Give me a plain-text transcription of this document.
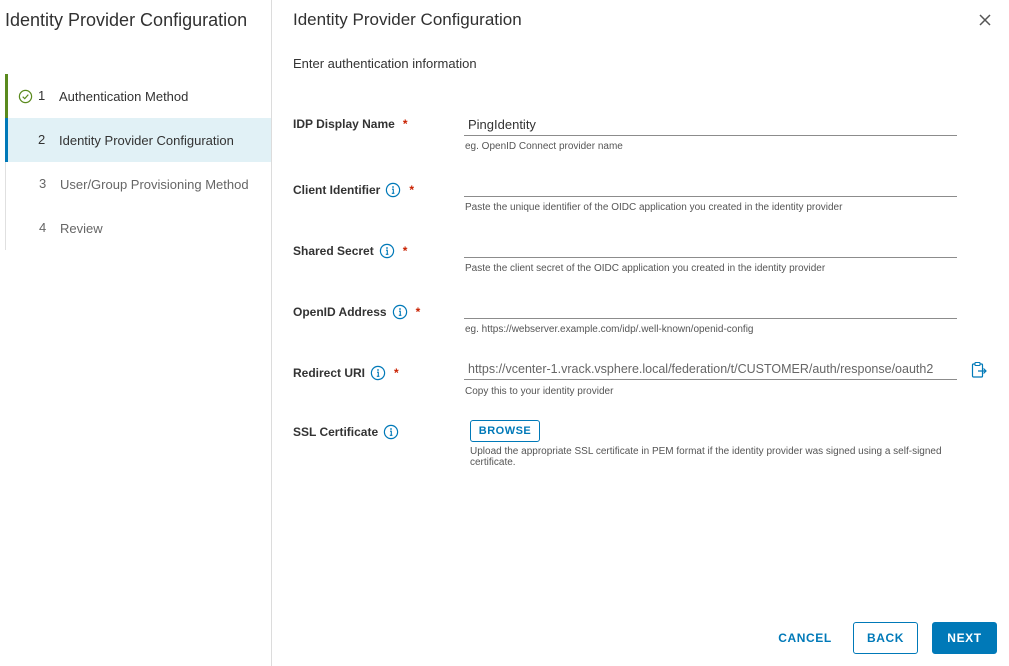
Identity Provider Configuration
1	Authentication Method
2	Identity Provider Configuration
3	User/Group Provisioning Method
4	Review
Identity Provider Configuration
Enter authentication information
IDP Display Name *
PingIdentity
eg. OpenID Connect provider name
Client Identifier *
Paste the unique identifier of the OIDC application you created in the identity provider
Shared Secret *
Paste the client secret of the OIDC application you created in the identity provider
OpenID Address *
eg. https://webserver.example.com/idp/.well-known/openid-config
Redirect URI *
https://vcenter-1.vrack.vsphere.local/federation/t/CUSTOMER/auth/response/oauth2
Copy this to your identity provider
SSL Certificate	BROWSE
Upload the appropriate SSL certificate in PEM format if the identity provider was signed using a self-signed certificate.
CANCEL	BACK	NEXT
